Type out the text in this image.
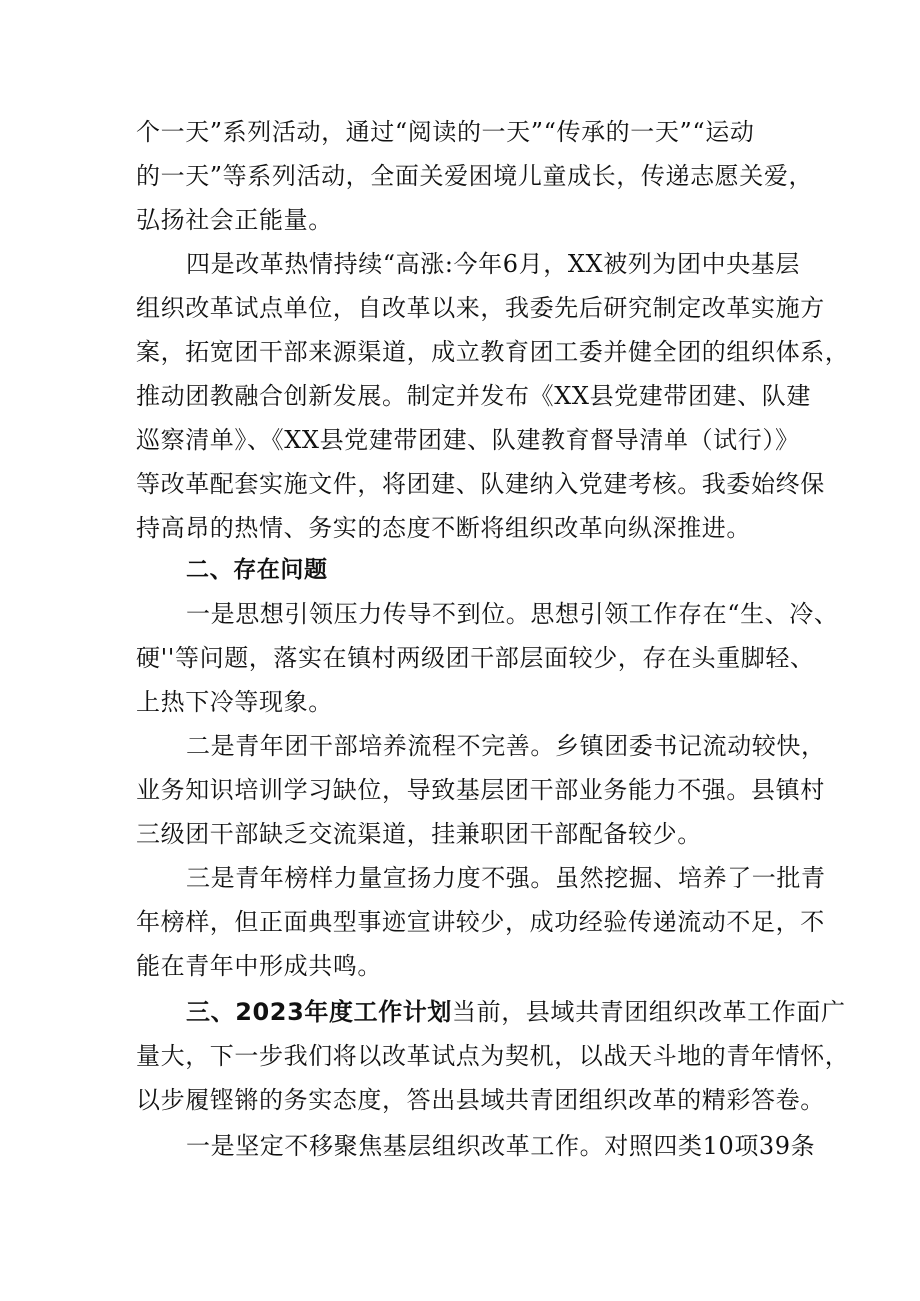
个一天”系列活动，通过“阅读的一天”“传承的一天”“运动
的一天”等系列活动，全面关爱困境儿童成长，传递志愿关爱，
弘扬社会正能量。
四是改革热情持续“高涨:今年6月，XX被列为团中央基层
组织改革试点单位，自改革以来，我委先后研究制定改革实施方
案，拓宽团干部来源渠道，成立教育团工委并健全团的组织体系，
推动团教融合创新发展。制定并发布《XX县党建带团建、队建
巡察清单》、《XX县党建带团建、队建教育督导清单（试行）》
等改革配套实施文件，将团建、队建纳入党建考核。我委始终保
持高昂的热情、务实的态度不断将组织改革向纵深推进。
二、存在问题
一是思想引领压力传导不到位。思想引领工作存在“生、冷、
硬''等问题，落实在镇村两级团干部层面较少，存在头重脚轻、
上热下冷等现象。
二是青年团干部培养流程不完善。乡镇团委书记流动较快，
业务知识培训学习缺位，导致基层团干部业务能力不强。县镇村
三级团干部缺乏交流渠道，挂兼职团干部配备较少。
三是青年榜样力量宣扬力度不强。虽然挖掘、培养了一批青
年榜样，但正面典型事迹宣讲较少，成功经验传递流动不足，不
能在青年中形成共鸣。
三、2023年度工作计划当前，县域共青团组织改革工作面广
量大，下一步我们将以改革试点为契机，以战天斗地的青年情怀，
以步履铿锵的务实态度，答出县域共青团组织改革的精彩答卷。
一是坚定不移聚焦基层组织改革工作。对照四类10项39条
